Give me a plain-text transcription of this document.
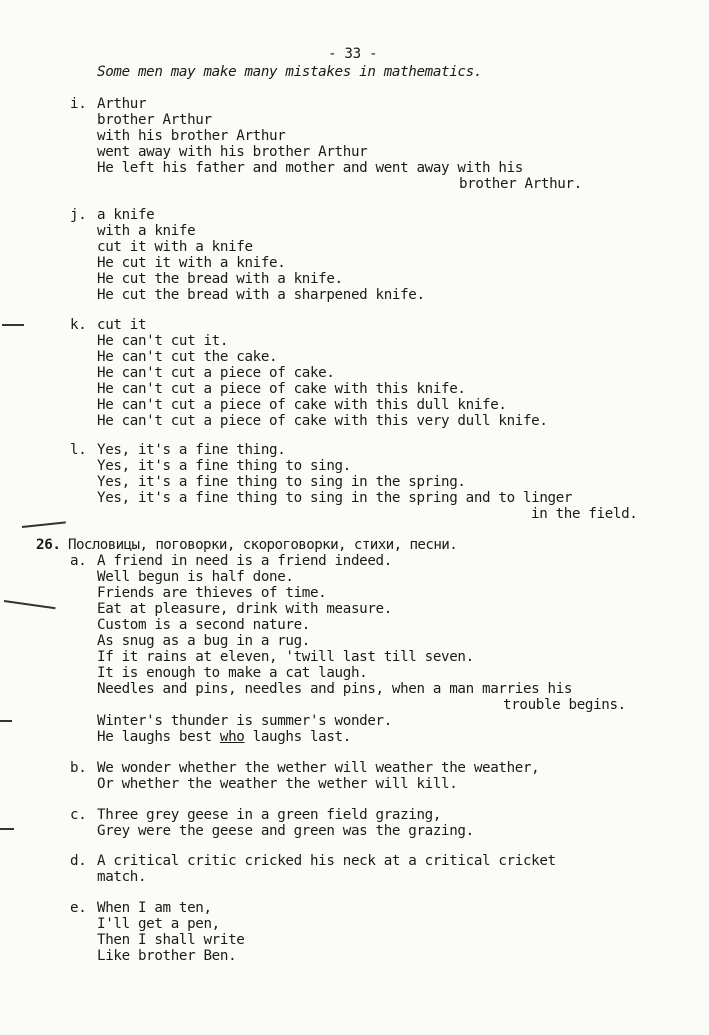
- 33 -
Some men may make many mistakes in mathematics.
i. Arthur
brother Arthur
with his brother Arthur
went away with his brother Arthur
He left his father and mother and went away with his
brother Arthur.
j. a knife
with a knife
cut it with a knife
He cut it with a knife.
He cut the bread with a knife.
He cut the bread with a sharpened knife.
k. cut it
He can't cut it.
He can't cut the cake.
He can't cut a piece of cake.
He can't cut a piece of cake with this knife.
He can't cut a piece of cake with this dull knife.
He can't cut a piece of cake with this very dull knife.
l. Yes, it's a fine thing.
Yes, it's a fine thing to sing.
Yes, it's a fine thing to sing in the spring.
Yes, it's a fine thing to sing in the spring and to linger
in the field.
26. Пословицы, поговорки, скороговорки, стихи, песни.
a. A friend in need is a friend indeed.
Well begun is half done.
Friends are thieves of time.
Eat at pleasure, drink with measure.
Custom is a second nature.
As snug as a bug in a rug.
If it rains at eleven, 'twill last till seven.
It is enough to make a cat laugh.
Needles and pins, needles and pins, when a man marries his
trouble begins.
Winter's thunder is summer's wonder.
He laughs best who laughs last.
b. We wonder whether the wether will weather the weather,
Or whether the weather the wether will kill.
c. Three grey geese in a green field grazing,
Grey were the geese and green was the grazing.
d. A critical critic cricked his neck at a critical cricket
match.
e. When I am ten,
I'll get a pen,
Then I shall write
Like brother Ben.
